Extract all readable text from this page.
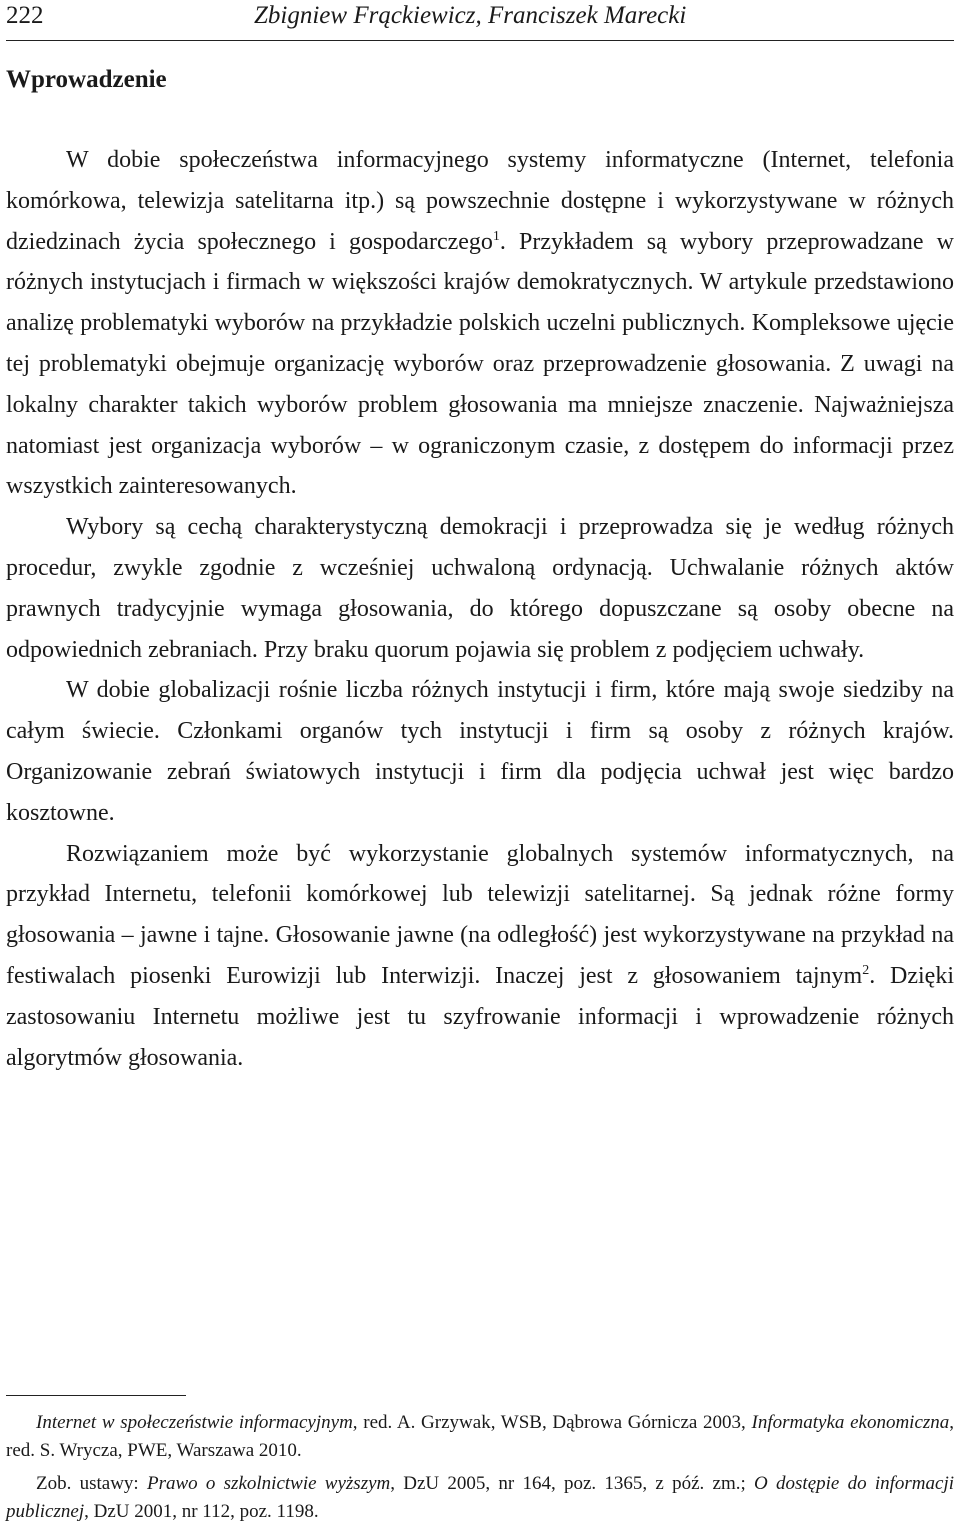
222	Zbigniew Frąckiewicz, Franciszek Marecki
Wprowadzenie

W dobie społeczeństwa informacyjnego systemy informatyczne (Internet, telefonia komórkowa, telewizja satelitarna itp.) są powszechnie dostępne i wykorzystywane w różnych dziedzinach życia społecznego i gospodarczego$^1$. Przykładem są wybory przeprowadzane w różnych instytucjach i firmach w większości krajów demokratycznych. W artykule przedstawiono analizę problematyki wyborów na przykładzie polskich uczelni publicznych. Kompleksowe ujęcie tej problematyki obejmuje organizację wyborów oraz przeprowadzenie głosowania. Z uwagi na lokalny charakter takich wyborów problem głosowania ma mniejsze znaczenie. Najważniejsza natomiast jest organizacja wyborów – w ograniczonym czasie, z dostępem do informacji przez wszystkich zainteresowanych.

Wybory są cechą charakterystyczną demokracji i przeprowadza się je według różnych procedur, zwykle zgodnie z wcześniej uchwaloną ordynacją. Uchwalanie różnych aktów prawnych tradycyjnie wymaga głosowania, do którego dopuszczane są osoby obecne na odpowiednich zebraniach. Przy braku quorum pojawia się problem z podjęciem uchwały.

W dobie globalizacji rośnie liczba różnych instytucji i firm, które mają swoje siedziby na całym świecie. Członkami organów tych instytucji i firm są osoby z różnych krajów. Organizowanie zebrań światowych instytucji i firm dla podjęcia uchwał jest więc bardzo kosztowne.

Rozwiązaniem może być wykorzystanie globalnych systemów informatycznych, na przykład Internetu, telefonii komórkowej lub telewizji satelitarnej. Są jednak różne formy głosowania – jawne i tajne. Głosowanie jawne (na odległość) jest wykorzystywane na przykład na festiwalach piosenki Eurowizji lub Interwizji. Inaczej jest z głosowaniem tajnym$^2$. Dzięki zastosowaniu Internetu możliwe jest tu szyfrowanie informacji i wprowadzenie różnych algorytmów głosowania.

Internet w społeczeństwie informacyjnym, red. A. Grzywak, WSB, Dąbrowa Górnicza 2003, Informatyka ekonomiczna, red. S. Wrycza, PWE, Warszawa 2010.

Zob. ustawy: Prawo o szkolnictwie wyższym, DzU 2005, nr 164, poz. 1365, z póź. zm.; O dostępie do informacji publicznej, DzU 2001, nr 112, poz. 1198.
